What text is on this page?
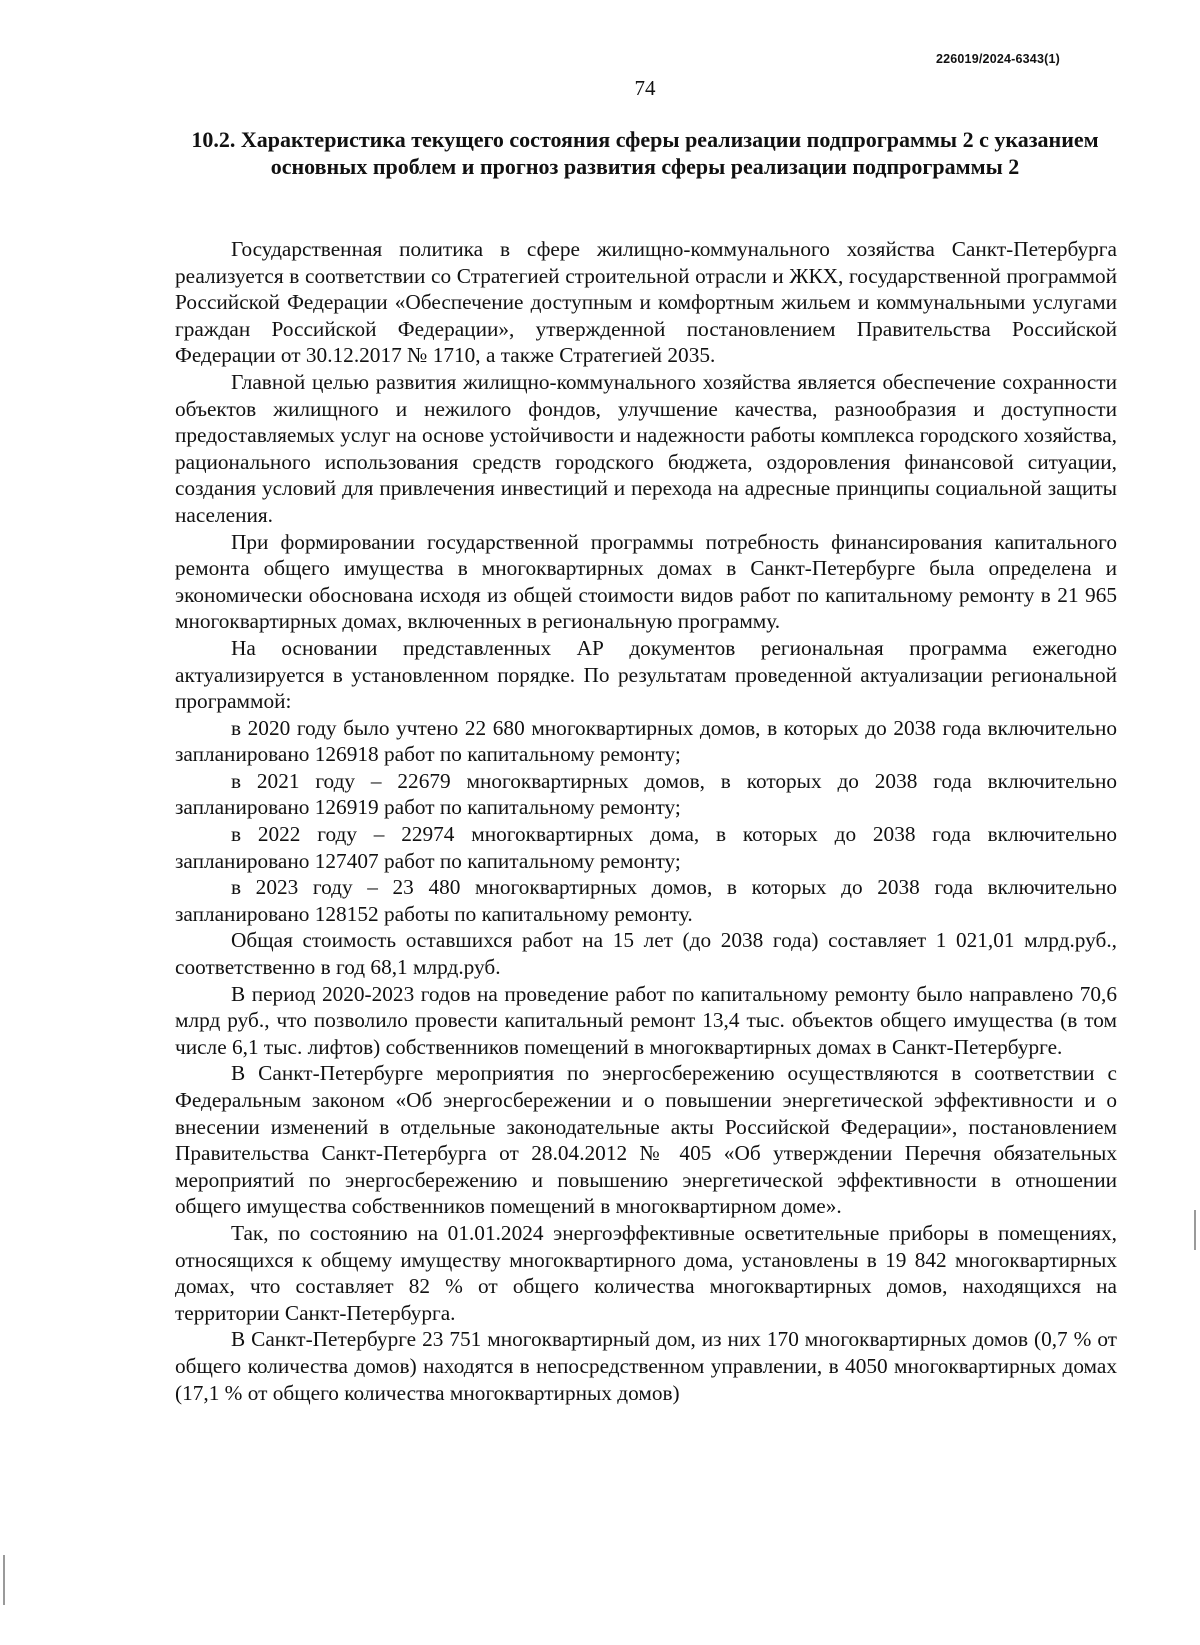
226019/2024-6343(1)
74
10.2. Характеристика текущего состояния сферы реализации подпрограммы 2 с указанием основных проблем и прогноз развития сферы реализации подпрограммы 2

Государственная политика в сфере жилищно-коммунального хозяйства Санкт-Петербурга реализуется в соответствии со Стратегией строительной отрасли и ЖКХ, государственной программой Российской Федерации «Обеспечение доступным и комфортным жильем и коммунальными услугами граждан Российской Федерации», утвержденной постановлением Правительства Российской Федерации от 30.12.2017 № 1710, а также Стратегией 2035.

Главной целью развития жилищно-коммунального хозяйства является обеспечение сохранности объектов жилищного и нежилого фондов, улучшение качества, разнообразия и доступности предоставляемых услуг на основе устойчивости и надежности работы комплекса городского хозяйства, рационального использования средств городского бюджета, оздоровления финансовой ситуации, создания условий для привлечения инвестиций и перехода на адресные принципы социальной защиты населения.

При формировании государственной программы потребность финансирования капитального ремонта общего имущества в многоквартирных домах в Санкт-Петербурге была определена и экономически обоснована исходя из общей стоимости видов работ по капитальному ремонту в 21 965 многоквартирных домах, включенных в региональную программу.

На основании представленных АР документов региональная программа ежегодно актуализируется в установленном порядке. По результатам проведенной актуализации региональной программой:

в 2020 году было учтено 22 680 многоквартирных домов, в которых до 2038 года включительно запланировано 126918 работ по капитальному ремонту;

в 2021 году – 22679 многоквартирных домов, в которых до 2038 года включительно запланировано 126919 работ по капитальному ремонту;

в 2022 году – 22974 многоквартирных дома, в которых до 2038 года включительно запланировано 127407 работ по капитальному ремонту;

в 2023 году – 23 480 многоквартирных домов, в которых до 2038 года включительно запланировано 128152 работы по капитальному ремонту.

Общая стоимость оставшихся работ на 15 лет (до 2038 года) составляет 1 021,01 млрд.руб., соответственно в год 68,1 млрд.руб.

В период 2020-2023 годов на проведение работ по капитальному ремонту было направлено 70,6 млрд руб., что позволило провести капитальный ремонт 13,4 тыс. объектов общего имущества (в том числе 6,1 тыс. лифтов) собственников помещений в многоквартирных домах в Санкт-Петербурге.

В Санкт-Петербурге мероприятия по энергосбережению осуществляются в соответствии с Федеральным законом «Об энергосбережении и о повышении энергетической эффективности и о внесении изменений в отдельные законодательные акты Российской Федерации», постановлением Правительства Санкт-Петербурга от 28.04.2012 № 405 «Об утверждении Перечня обязательных мероприятий по энергосбережению и повышению энергетической эффективности в отношении общего имущества собственников помещений в многоквартирном доме».

Так, по состоянию на 01.01.2024 энергоэффективные осветительные приборы в помещениях, относящихся к общему имуществу многоквартирного дома, установлены в 19 842 многоквартирных домах, что составляет 82 % от общего количества многоквартирных домов, находящихся на территории Санкт-Петербурга.

В Санкт-Петербурге 23 751 многоквартирный дом, из них 170 многоквартирных домов (0,7 % от общего количества домов) находятся в непосредственном управлении, в 4050 многоквартирных домах (17,1 % от общего количества многоквартирных домов)
